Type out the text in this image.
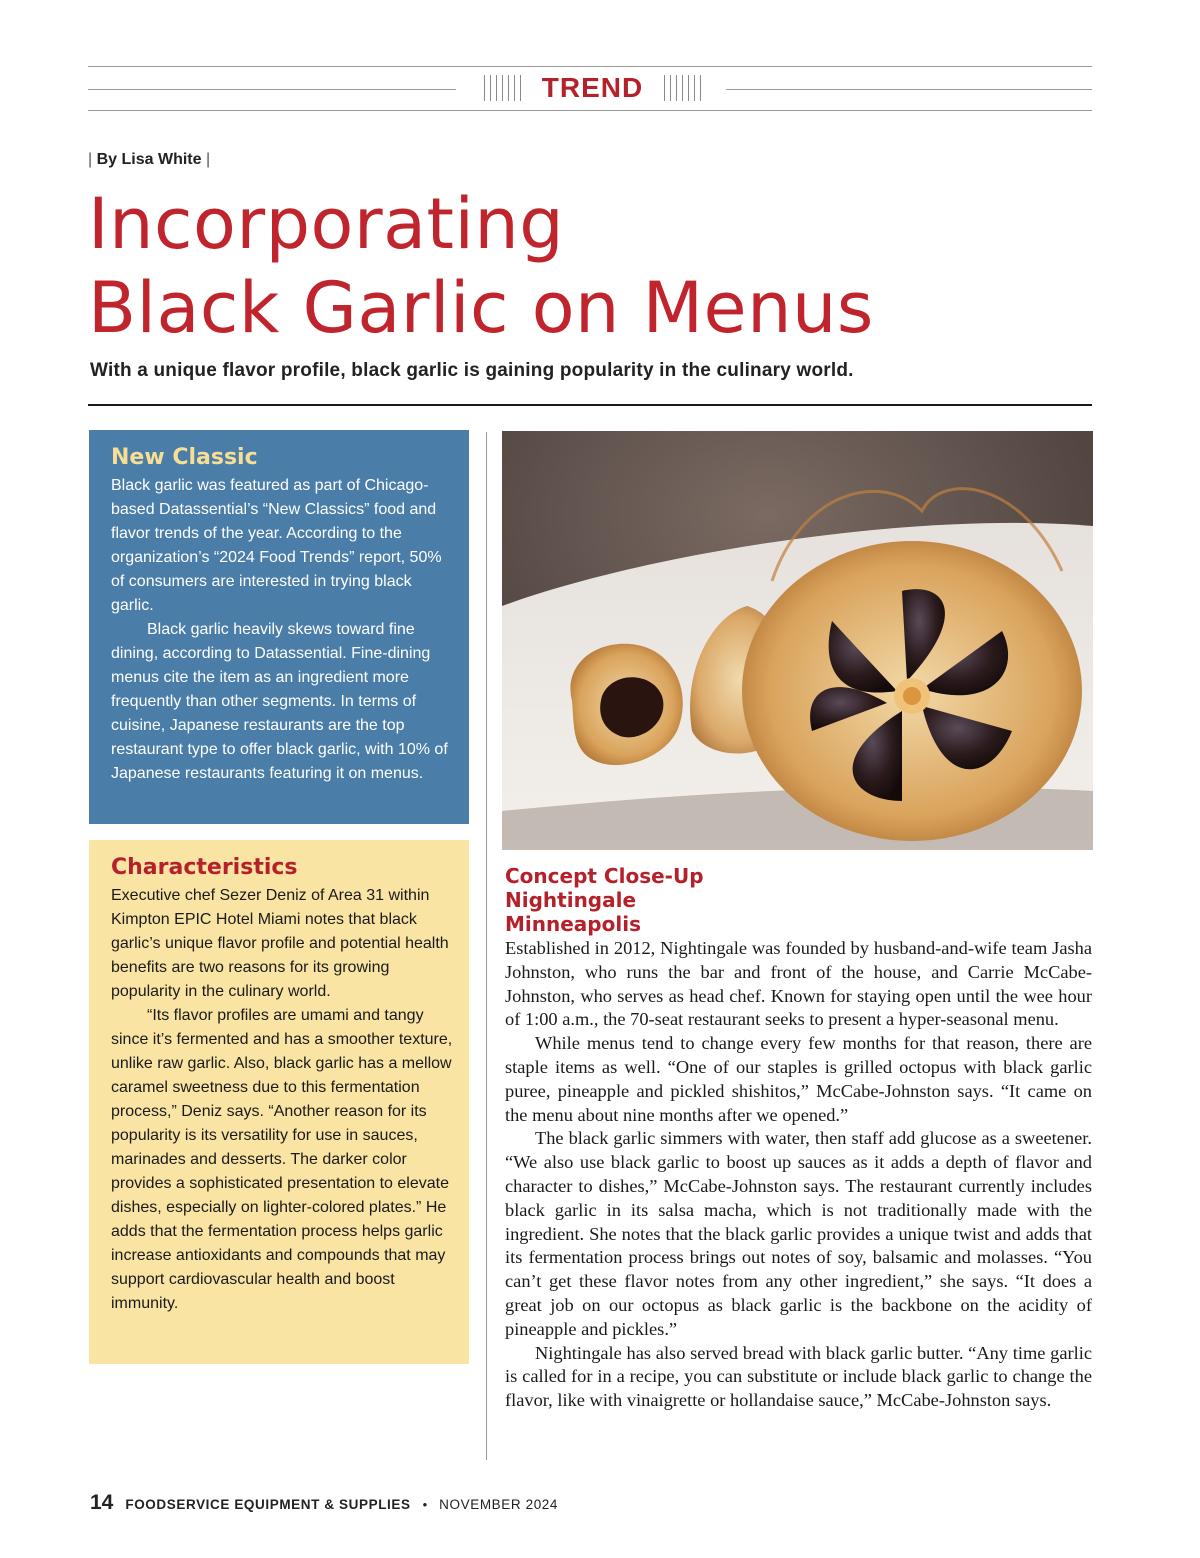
TREND
| By Lisa White |
Incorporating
Black Garlic on Menus
With a unique flavor profile, black garlic is gaining popularity in the culinary world.
New Classic

Black garlic was featured as part of Chicago-based Datassential’s “New Classics” food and flavor trends of the year. According to the organization’s “2024 Food Trends” report, 50% of consumers are interested in trying black garlic.

Black garlic heavily skews toward fine dining, according to Datassential. Fine-dining menus cite the item as an ingredient more frequently than other segments. In terms of cuisine, Japanese restaurants are the top restaurant type to offer black garlic, with 10% of Japanese restaurants featuring it on menus.

Characteristics

Executive chef Sezer Deniz of Area 31 within Kimpton EPIC Hotel Miami notes that black garlic’s unique flavor profile and potential health benefits are two reasons for its growing popularity in the culinary world.

“Its flavor profiles are umami and tangy since it’s fermented and has a smoother texture, unlike raw garlic. Also, black garlic has a mellow caramel sweetness due to this fermentation process,” Deniz says. “Another reason for its popularity is its versatility for use in sauces, marinades and desserts. The darker color provides a sophisticated presentation to elevate dishes, especially on lighter-colored plates.” He adds that the fermentation process helps garlic increase antioxidants and compounds that may support cardiovascular health and boost immunity.

Concept Close-Up
Nightingale
Minneapolis

Established in 2012, Nightingale was founded by husband-and-wife team Jasha Johnston, who runs the bar and front of the house, and Carrie McCabe-Johnston, who serves as head chef. Known for staying open until the wee hour of 1:00 a.m., the 70-seat restaurant seeks to present a hyper-seasonal menu.

While menus tend to change every few months for that reason, there are staple items as well. “One of our staples is grilled octopus with black garlic puree, pineapple and pickled shishitos,” McCabe-Johnston says. “It came on the menu about nine months after we opened.”

The black garlic simmers with water, then staff add glucose as a sweetener. “We also use black garlic to boost up sauces as it adds a depth of flavor and character to dishes,” McCabe-Johnston says. The restaurant currently includes black garlic in its salsa macha, which is not traditionally made with the ingredient. She notes that the black garlic provides a unique twist and adds that its fermentation process brings out notes of soy, balsamic and molasses. “You can’t get these flavor notes from any other ingredient,” she says. “It does a great job on our octopus as black garlic is the backbone on the acidity of pineapple and pickles.”

Nightingale has also served bread with black garlic butter. “Any time garlic is called for in a recipe, you can substitute or include black garlic to change the flavor, like with vinaigrette or hollandaise sauce,” McCabe-Johnston says.

14 FOODSERVICE EQUIPMENT & SUPPLIES • NOVEMBER 2024
